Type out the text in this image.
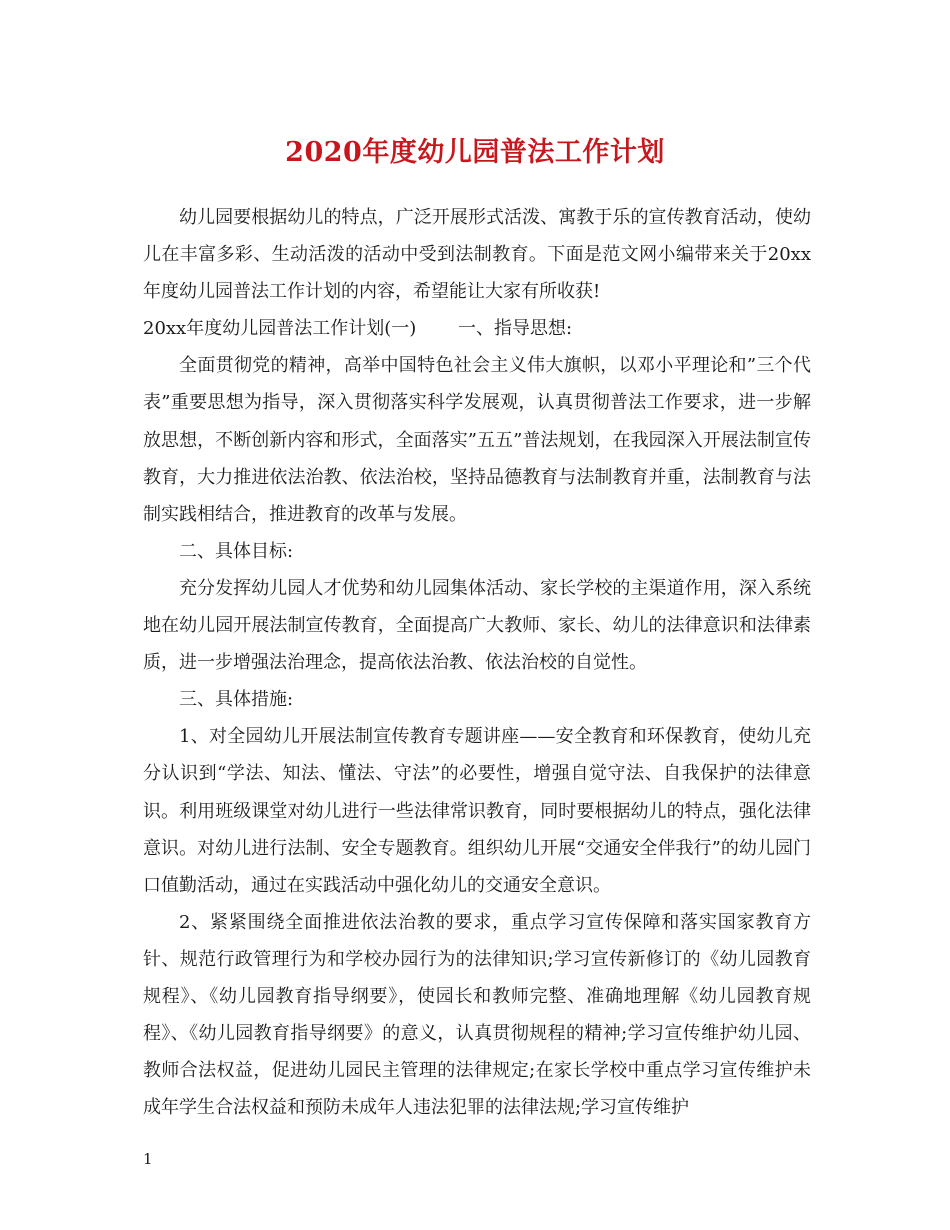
2020年度幼儿园普法工作计划

幼儿园要根据幼儿的特点，广泛开展形式活泼、寓教于乐的宣传教育活动，使幼儿在丰富多彩、生动活泼的活动中受到法制教育。下面是范文网小编带来关于20xx年度幼儿园普法工作计划的内容，希望能让大家有所收获!

20xx年度幼儿园普法工作计划(一)　　 一、指导思想:

全面贯彻党的精神，高举中国特色社会主义伟大旗帜，以邓小平理论和”三个代表”重要思想为指导，深入贯彻落实科学发展观，认真贯彻普法工作要求，进一步解放思想，不断创新内容和形式，全面落实”五五”普法规划，在我园深入开展法制宣传教育，大力推进依法治教、依法治校，坚持品德教育与法制教育并重，法制教育与法制实践相结合，推进教育的改革与发展。

二、具体目标:

充分发挥幼儿园人才优势和幼儿园集体活动、家长学校的主渠道作用，深入系统地在幼儿园开展法制宣传教育，全面提高广大教师、家长、幼儿的法律意识和法律素质，进一步增强法治理念，提高依法治教、依法治校的自觉性。

三、具体措施:

1、对全园幼儿开展法制宣传教育专题讲座——安全教育和环保教育，使幼儿充分认识到“学法、知法、懂法、守法”的必要性，增强自觉守法、自我保护的法律意识。利用班级课堂对幼儿进行一些法律常识教育，同时要根据幼儿的特点，强化法律意识。对幼儿进行法制、安全专题教育。组织幼儿开展“交通安全伴我行”的幼儿园门口值勤活动，通过在实践活动中强化幼儿的交通安全意识。

2、紧紧围绕全面推进依法治教的要求，重点学习宣传保障和落实国家教育方针、规范行政管理行为和学校办园行为的法律知识;学习宣传新修订的《幼儿园教育规程》、《幼儿园教育指导纲要》，使园长和教师完整、准确地理解《幼儿园教育规程》、《幼儿园教育指导纲要》的意义，认真贯彻规程的精神;学习宣传维护幼儿园、教师合法权益，促进幼儿园民主管理的法律规定;在家长学校中重点学习宣传维护未成年学生合法权益和预防未成年人违法犯罪的法律法规;学习宣传维护

1
